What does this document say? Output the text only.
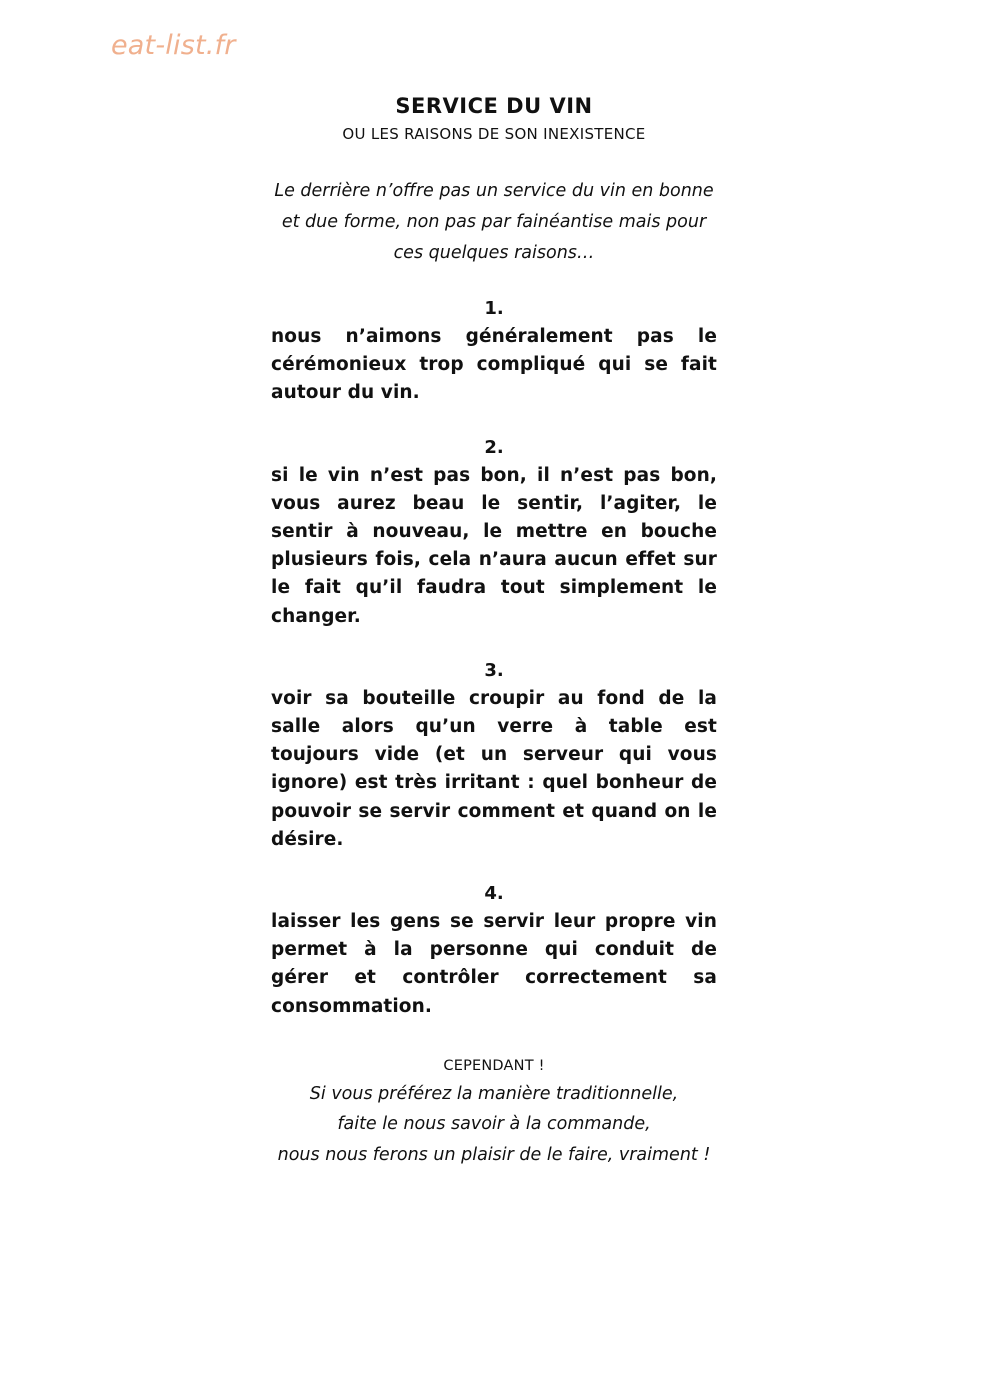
eat-list.fr
SERVICE DU VIN

OU LES RAISONS DE SON INEXISTENCE

Le derrière n’offre pas un service du vin en bonne et due forme, non pas par fainéantise mais pour ces quelques raisons…

1.
nous n’aimons généralement pas le cérémonieux trop compliqué qui se fait autour du vin.
2.
si le vin n’est pas bon, il n’est pas bon, vous aurez beau le sentir, l’agiter, le sentir à nouveau, le mettre en bouche plusieurs fois, cela n’aura aucun effet sur le fait qu’il faudra tout simplement le changer.
3.
voir sa bouteille croupir au fond de la salle alors qu’un verre à table est toujours vide (et un serveur qui vous ignore) est très irritant : quel bonheur de pouvoir se servir comment et quand on le désire.
4.
laisser les gens se servir leur propre vin permet à la personne qui conduit de gérer et contrôler correctement sa consommation.
CEPENDANT !
Si vous préférez la manière traditionnelle,
faite le nous savoir à la commande,
nous nous ferons un plaisir de le faire, vraiment !
